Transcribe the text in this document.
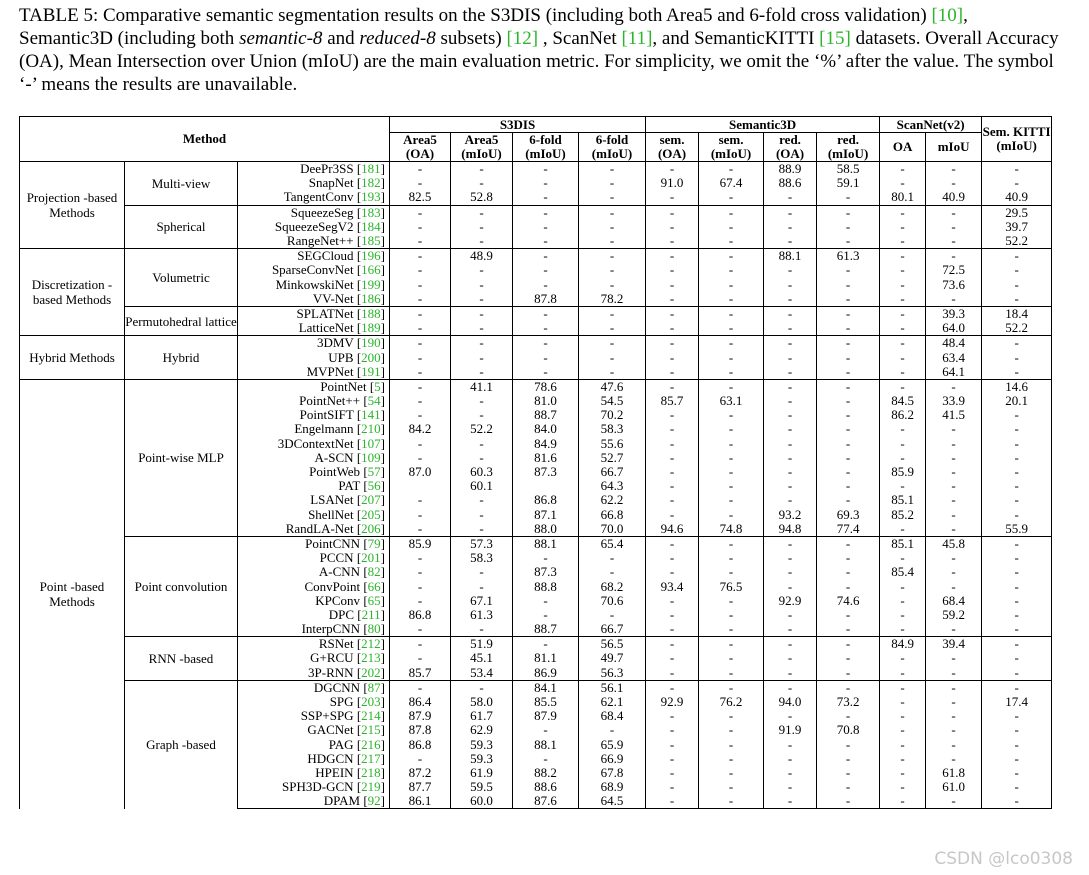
TABLE 5: Comparative semantic segmentation results on the S3DIS (including both Area5 and 6-fold cross validation) [10], Semantic3D (including both semantic-8 and reduced-8 subsets) [12] , ScanNet [11], and SemanticKITTI [15] datasets. Overall Accuracy (OA), Mean Intersection over Union (mIoU) are the main evaluation metric. For simplicity, we omit the ‘%’ after the value. The symbol ‘-’ means the results are unavailable.
Method			S3DIS				Semantic3D				ScanNet(v2)		Sem. KITTI (mIoU)
			Area5 (OA)	Area5 (mIoU)	6-fold (mIoU)	6-fold (mIoU)	sem. (OA)	sem. (mIoU)	red. (OA)	red. (mIoU)	OA	mIoU	
Projection -based Methods	Multi-view	DeePr3SS [181]	-	-	-	-	-	-	88.9	58.5	-	-	-
		SnapNet [182]	-	-	-	-	91.0	67.4	88.6	59.1	-	-	-
		TangentConv [193]	82.5	52.8	-	-	-	-	-	-	80.1	40.9	40.9
	Spherical	SqueezeSeg [183]	-	-	-	-	-	-	-	-	-	-	29.5
		SqueezeSegV2 [184]	-	-	-	-	-	-	-	-	-	-	39.7
		RangeNet++ [185]	-	-	-	-	-	-	-	-	-	-	52.2
Discretization -based Methods	Volumetric	SEGCloud [196]	-	48.9	-	-	-	-	88.1	61.3	-	-	-
		SparseConvNet [166]	-	-	-	-	-	-	-	-	-	72.5	-
		MinkowskiNet [199]	-	-	-	-	-	-	-	-	-	73.6	-
		VV-Net [186]	-	-	87.8	78.2	-	-	-	-	-	-	-
	Permutohedral lattice	SPLATNet [188]	-	-	-	-	-	-	-	-	-	39.3	18.4
		LatticeNet [189]	-	-	-	-	-	-	-	-	-	64.0	52.2
Hybrid Methods	Hybrid	3DMV [190]	-	-	-	-	-	-	-	-	-	48.4	-
		UPB [200]	-	-	-	-	-	-	-	-	-	63.4	-
		MVPNet [191]	-	-	-	-	-	-	-	-	-	64.1	-
Point -based Methods	Point-wise MLP	PointNet [5]	-	41.1	78.6	47.6	-	-	-	-	-	-	14.6
		PointNet++ [54]	-	-	81.0	54.5	85.7	63.1	-	-	84.5	33.9	20.1
		PointSIFT [141]	-	-	88.7	70.2	-	-	-	-	86.2	41.5	-
		Engelmann [210]	84.2	52.2	84.0	58.3	-	-	-	-	-	-	-
		3DContextNet [107]	-	-	84.9	55.6	-	-	-	-	-	-	-
		A-SCN [109]	-	-	81.6	52.7	-	-	-	-	-	-	-
		PointWeb [57]	87.0	60.3	87.3	66.7	-	-	-	-	85.9	-	-
		PAT [56]		60.1		64.3	-	-	-	-	-	-	-
		LSANet [207]	-	-	86.8	62.2	-	-	-	-	85.1	-	-
		ShellNet [205]	-	-	87.1	66.8	-	-	93.2	69.3	85.2	-	-
		RandLA-Net [206]	-	-	88.0	70.0	94.6	74.8	94.8	77.4	-	-	55.9
	Point convolution	PointCNN [79]	85.9	57.3	88.1	65.4	-	-	-	-	85.1	45.8	-
		PCCN [201]	-	58.3	-	-	-	-	-	-	-	-	-
		A-CNN [82]	-	-	87.3	-	-	-	-	-	85.4	-	-
		ConvPoint [66]	-	-	88.8	68.2	93.4	76.5	-	-	-	-	-
		KPConv [65]	-	67.1	-	70.6	-	-	92.9	74.6	-	68.4	-
		DPC [211]	86.8	61.3	-	-	-	-	-	-	-	59.2	-
		InterpCNN [80]	-	-	88.7	66.7	-	-	-	-	-	-	-
	RNN -based	RSNet [212]	-	51.9	-	56.5	-	-	-	-	84.9	39.4	-
		G+RCU [213]	-	45.1	81.1	49.7	-	-	-	-	-	-	-
		3P-RNN [202]	85.7	53.4	86.9	56.3	-	-	-	-	-	-	-
	Graph -based	DGCNN [87]	-	-	84.1	56.1	-	-	-	-	-	-	-
		SPG [203]	86.4	58.0	85.5	62.1	92.9	76.2	94.0	73.2	-	-	17.4
		SSP+SPG [214]	87.9	61.7	87.9	68.4	-	-	-	-	-	-	-
		GACNet [215]	87.8	62.9	-	-	-	-	91.9	70.8	-	-	-
		PAG [216]	86.8	59.3	88.1	65.9	-	-	-	-	-	-	-
		HDGCN [217]	-	59.3	-	66.9	-	-	-	-	-	-	-
		HPEIN [218]	87.2	61.9	88.2	67.8	-	-	-	-	-	61.8	-
		SPH3D-GCN [219]	87.7	59.5	88.6	68.9	-	-	-	-	-	61.0	-
		DPAM [92]	86.1	60.0	87.6	64.5	-	-	-	-	-	-	-
CSDN @lco0308
